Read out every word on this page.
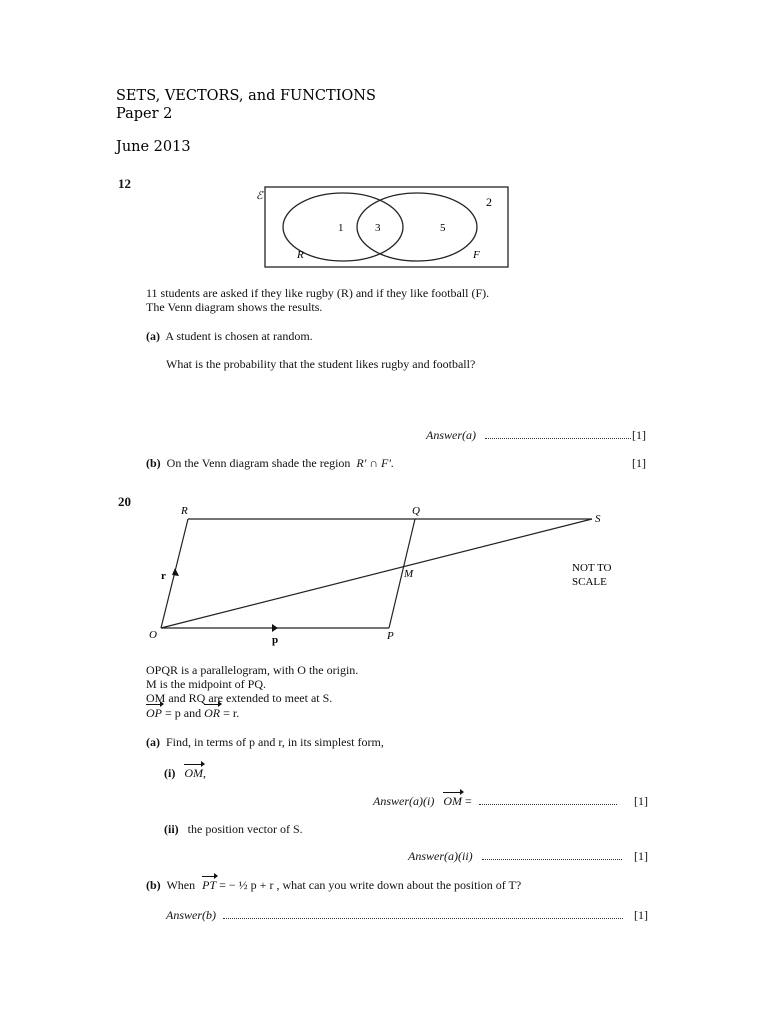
SETS, VECTORS, and FUNCTIONS
Paper 2
June 2013
12
ℰ	2
1	3	5
R	F
11 students are asked if they like rugby (R) and if they like football (F).
The Venn diagram shows the results.
(a) A student is chosen at random.
What is the probability that the student likes rugby and football?
Answer(a)	[1]
(b) On the Venn diagram shade the region R′ ∩ F′.	[1]
20
O	P
Q
R
S
M
r
p
NOT TO
SCALE
OPQR is a parallelogram, with O the origin.
M is the midpoint of PQ.
OM and RQ are extended to meet at S.
OP = p and OR = r.
(a) Find, in terms of p and r, in its simplest form,
(i) OM,
Answer(a)(i) OM =	[1]
(ii) the position vector of S.
Answer(a)(ii)	[1]
(b) When PT = − ½ p + r , what can you write down about the position of T?
Answer(b)	[1]
